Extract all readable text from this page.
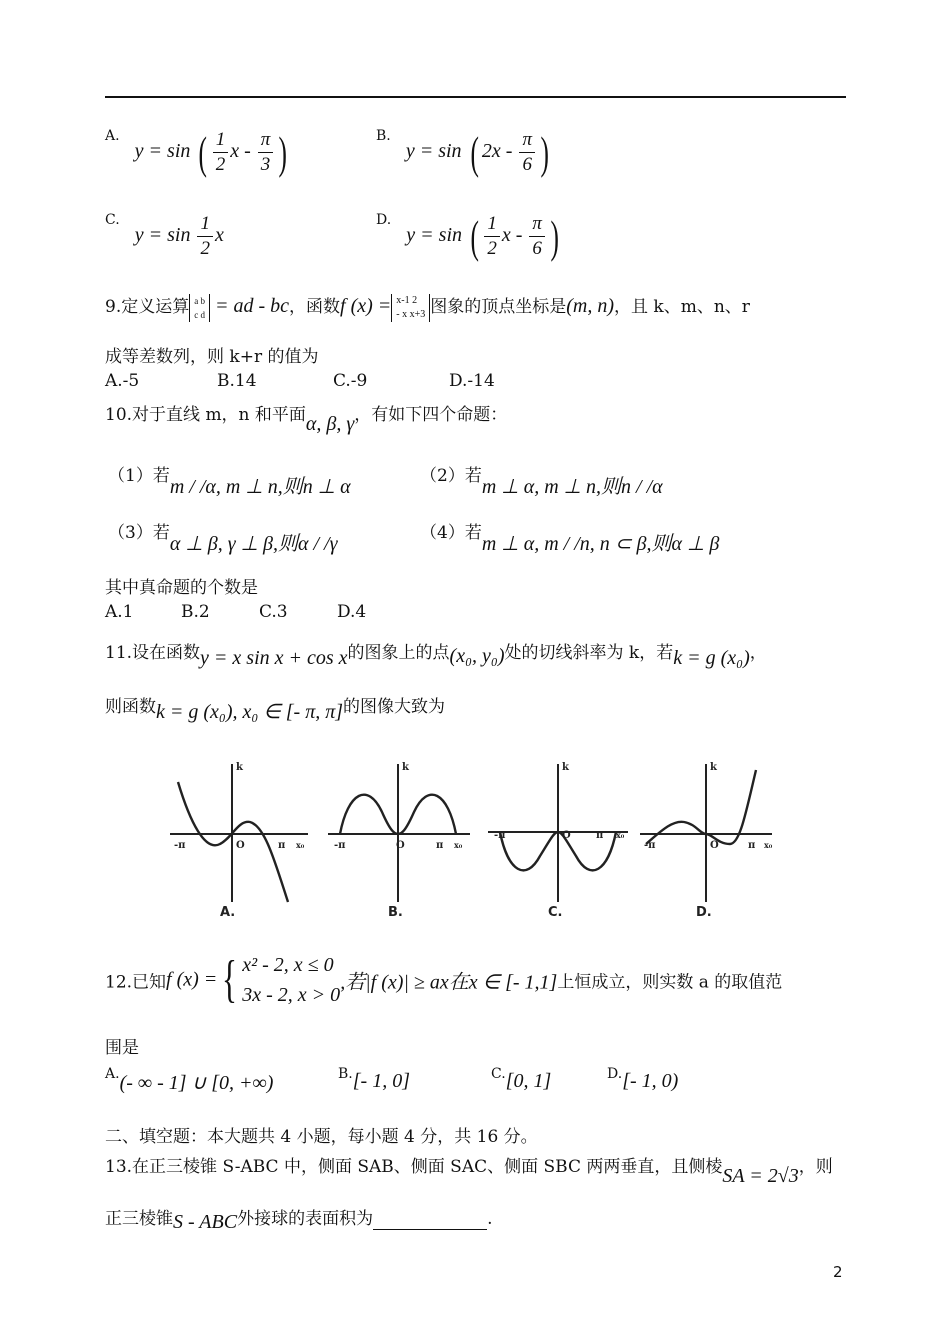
A. y = sin ( $\frac{1}{2}$ x - $\frac{\pi}{3}$ )	B. y = sin ( $2x - \frac{\pi}{6}$ )
C. $y = \sin \frac{1}{2}$ x
D. y = sin ( $\frac{1}{2}$ x - $\frac{\pi}{6}$ )
9.定义运算 a b
c d = ad - bc，函数f (x) = x-1 2
- x x+3 图象的顶点坐标是(m, n)，且 k、m、n、r
成等差数列，则 k+r 的值为
A.-5	B.14	C.-9	D.-14
10.对于直线 m，n 和平面α, β, γ，有如下四个命题：
（1）若m / /α, m ⊥ n,则n ⊥ α	（2）若m ⊥ α, m ⊥ n,则n / /α
（3）若α ⊥ β, γ ⊥ β,则α / /γ	（4）若m ⊥ α, m / /n, n ⊂ β,则α ⊥ β
其中真命题的个数是
A.1	B.2	C.3	D.4
11.设在函数y = x sin x + cos x的图象上的点(x₀, y₀)处的切线斜率为 k，若k = g (x₀)，
则函数k = g (x₀), x₀ ∈ [- π, π]的图像大致为
k
O
-π	π x₀
k
O
-π	π x₀
k
O
-π	π x₀
k
O
-π	π x₀
A.	B.	C.	D.
12.已知f (x) ={ x² - 2, x ≤ 0
3x - 2, x > 0
,若|f (x)| ≥ ax在x ∈ [- 1,1]上恒成立，则实数 a 的取值范
围是
A.(- ∞ - 1] ∪ [0, +∞)	B.[- 1, 0]	C.[0, 1]	D.[- 1, 0)
二、填空题：本大题共 4 小题，每小题 4 分，共 16 分。
13.在正三棱锥 S-ABC 中，侧面 SAB、侧面 SAC、侧面 SBC 两两垂直，且侧棱SA = 2√3，则
正三棱锥S - ABC外接球的表面积为	.
2
